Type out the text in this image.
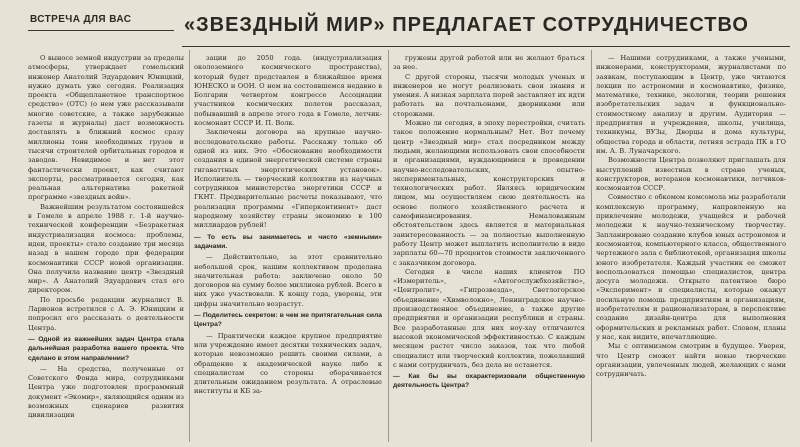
ВСТРЕЧА ДЛЯ ВАС	«ЗВЕЗДНЫЙ МИР» ПРЕДЛАГАЕТ СОТРУДНИЧЕСТВО

О выносе земной индустрии за пределы атмосферы, утверждает гомельский инженер Анатолий Эдуардович Юницкий, нужно думать уже сегодня. Реализация проекта «Общепланетное транспортное средство» (ОТС) (о нем уже рассказывали многие советские, а также зарубежные газеты и журналы) даст возможность доставлять в ближний космос сразу миллионы тонн необходимых грузов и тысячи строителей орбитальных городов и заводов. Невидимое и нет этот фантастически проект, как считают эксперты, рассматривается сегодня, как реальная альтернатива ракетной программе «звездных войн».

Важнейшим результатом состоявшейся в Гомеле в апреле 1988 г. 1-й научно-технической конференции «Безракетная индустриализация космоса: проблемы, идеи, проекты» стало создание три месяца назад в нашем городе при федерации космонавтики СССР новой организации. Она получила название центр «Звездный мир». А Анатолий Эдуардович стал его директором.

По просьбе редакции журналист В. Ларионов встретился с А. Э. Юницким и попросил его рассказать о деятельности Центра.

— Одной из важнейших задач Центра стала дальнейшая разработка вашего проекта. Что сделано в этом направлении?

— На средства, полученные от Советского Фонда мира, сотрудниками Центра уже подготовлен программный документ «Экомир», являющийся одним из возможных сценариев развития цивилизации

зации до 2050 года. (индустриализация околоземного космического пространства), который будет представлен в ближайшее время ЮНЕСКО и ООН. О нем на состоявшемся недавно в Болгарии четвертом конгрессе Ассоциации участников космических полетов рассказал, побывавший в апреле этого года в Гомеле, летчик-космонавт СССР И. П. Волк.

Заключены договора на крупные научно-исследовательские работы. Расскажу только об одной из них. Это «Обоснование необходимости создания в единой энергетической системе страны гигаваттных энергетических установок». Исполнитель — творческий коллектив из научных сотрудников министерства энергетики СССР и ГКНТ. Предварительные расчеты показывают, что реализация программы «Гиперконтинент» даст народному хозяйству страны экономию в 100 миллиардов рублей!

— То есть вы занимаетесь и чисто «земными» задачами.

— Действительно, за этот сравнительно небольшой срок, нашим коллективом проделана значительная работа: заключено около 50 договоров на сумму более миллиона рублей. Всего в них уже участвовали. К концу года, уверены, эти цифры значительно возрастут.

— Поделитесь секретом: в чем же притягательная сила Центра?

— Практически каждое крупное предприятие или учреждение имеет десятки технических задач, которые невозможно решить своими силами, а обращение к академической науке либо к специалистам со стороны оборачивается длительным ожиданием результата. А отраслевые институты и КБ за-

гружены другой работой или не желают браться за нее.

С другой стороны, тысячи молодых ученых и инженеров не могут реализовать свои знания и умения. А низкая зарплата порой заставляет их идти работать на почтальонами, дворниками или сторожами.

Можно ли сегодня, в эпоху перестройки, считать такое положение нормальным? Нет. Вот почему центр «Звездный мир» стал посредником между людьми, желающими использовать свои способности и организациями, нуждающимися в проведении научно-исследовательских, опытно-экспериментальных, конструкторских и технологических работ. Являясь юридическим лицом, мы осуществляем свою деятельность на основе полного хозяйственного расчета и самофинансирования. Немаловажным обстоятельством здесь является и материальная заинтересованность — за полностью выполненную работу Центр может выплатить исполнителю в виде зарплаты 60—70 процентов стоимости заключенного с заказчиком договора.

Сегодня в числе наших клиентов ПО «Измеритель», «Автогослужбхозяйство», «Центролит», «Гипрозвезда», Светлогорское объединение «Химволокно», Ленинградское научно-производственное объединение, а также другие предприятия и организации республики и страны. Все разработанные для них ноу-хау отличаются высокой экономической эффективностью. С каждым месяцем растет число заказов, так что любой специалист или творческий коллектив, пожелавший с нами сотрудничать, без дела не останется.

— Как бы вы охарактеризовали общественную деятельность Центра?

— Нашими сотрудниками, а также учеными, инженерами, конструкторами, журналистами по заявкам, поступающим в Центр, уже читаются лекции по астрономии и космонавтике, физике, математике, технике, экологии, теории решения изобретательских задач и функционально-стоимостному анализу и другим. Аудитория — предприятия и учреждения, школы, училища, техникумы, ВУЗы, Дворцы и дома культуры, общества города и области, летняя эстрада ПК в ГО им. А. В. Луначарского.

Возможности Центра позволяют приглашать для выступлений известных в стране ученых, конструкторов, ветеранов космонавтики, летчиков-космонавтов СССР.

Совместно с обкомом комсомола мы разработали комплексную программу, направленную на привлечение молодежи, учащейся и рабочей молодежи к научно-техническому творчеству. Запланировано создание клубов юных астрономов и космонавтов, компьютерного класса, общественного чертежного зала с библиотекой, организация школы юного изобретателя. Каждый участник ее сможет воспользоваться помощью специалистов, центра досуга молодежи. Открыто патентное бюро «Эксперимент» и специалисты, которые окажут посильную помощь предприятиям и организациям, изобретателям и рационализаторам, в перспективе создание дизайн-центра для выполнения оформительских и рекламных работ. Словом, планы у нас, как видите, впечатляющие.

Мы с оптимизмом смотрим в будущее. Уверен, что Центр сможет найти новые творческие организации, увлеченных людей, желающих с нами сотрудничать.
